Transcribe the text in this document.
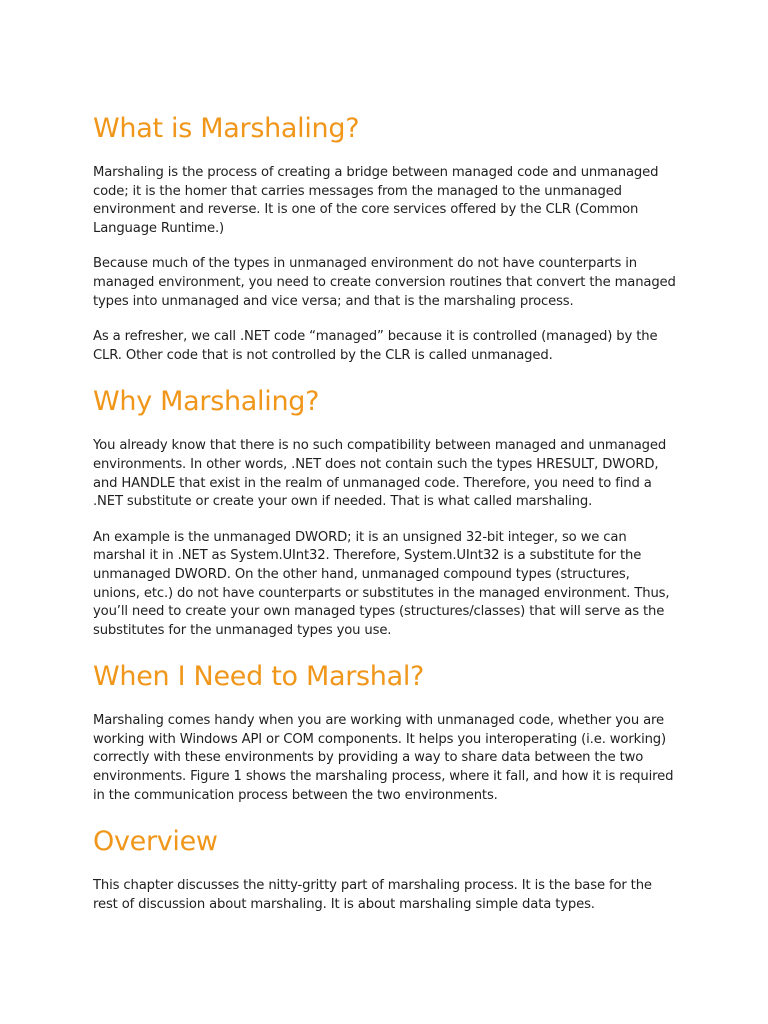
What is Marshaling?

Marshaling is the process of creating a bridge between managed code and unmanaged code; it is the homer that carries messages from the managed to the unmanaged environment and reverse. It is one of the core services offered by the CLR (Common Language Runtime.)

Because much of the types in unmanaged environment do not have counterparts in managed environment, you need to create conversion routines that convert the managed types into unmanaged and vice versa; and that is the marshaling process.

As a refresher, we call .NET code “managed” because it is controlled (managed) by the CLR. Other code that is not controlled by the CLR is called unmanaged.

Why Marshaling?

You already know that there is no such compatibility between managed and unmanaged environments. In other words, .NET does not contain such the types HRESULT, DWORD, and HANDLE that exist in the realm of unmanaged code. Therefore, you need to find a .NET substitute or create your own if needed. That is what called marshaling.

An example is the unmanaged DWORD; it is an unsigned 32-bit integer, so we can marshal it in .NET as System.UInt32. Therefore, System.UInt32 is a substitute for the unmanaged DWORD. On the other hand, unmanaged compound types (structures, unions, etc.) do not have counterparts or substitutes in the managed environment. Thus, you’ll need to create your own managed types (structures/classes) that will serve as the substitutes for the unmanaged types you use.

When I Need to Marshal?

Marshaling comes handy when you are working with unmanaged code, whether you are working with Windows API or COM components. It helps you interoperating (i.e. working) correctly with these environments by providing a way to share data between the two environments. Figure 1 shows the marshaling process, where it fall, and how it is required in the communication process between the two environments.

Overview

This chapter discusses the nitty-gritty part of marshaling process. It is the base for the rest of discussion about marshaling. It is about marshaling simple data types.
